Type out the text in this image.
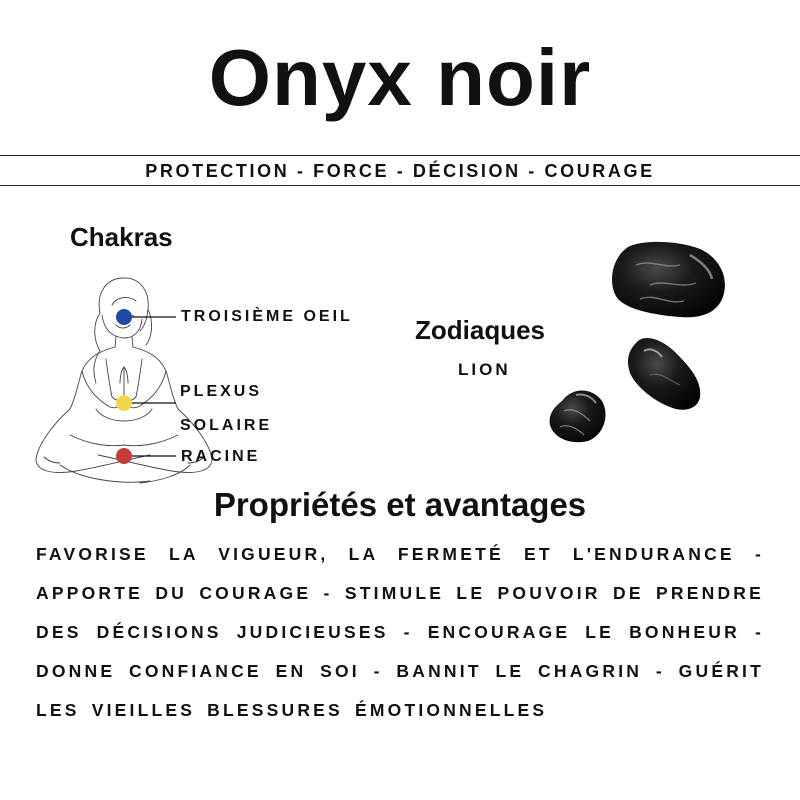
Onyx noir
PROTECTION - FORCE - DÉCISION - COURAGE
Chakras
TROISIÈME OEIL
PLEXUS SOLAIRE
RACINE
Zodiaques
LION
Propriétés et avantages
FAVORISE LA VIGUEUR, LA FERMETÉ ET L'ENDURANCE - APPORTE DU COURAGE - STIMULE LE POUVOIR DE PRENDRE DES DÉCISIONS JUDICIEUSES - ENCOURAGE LE BONHEUR - DONNE CONFIANCE EN SOI - BANNIT LE CHAGRIN - GUÉRIT LES VIEILLES BLESSURES ÉMOTIONNELLES
